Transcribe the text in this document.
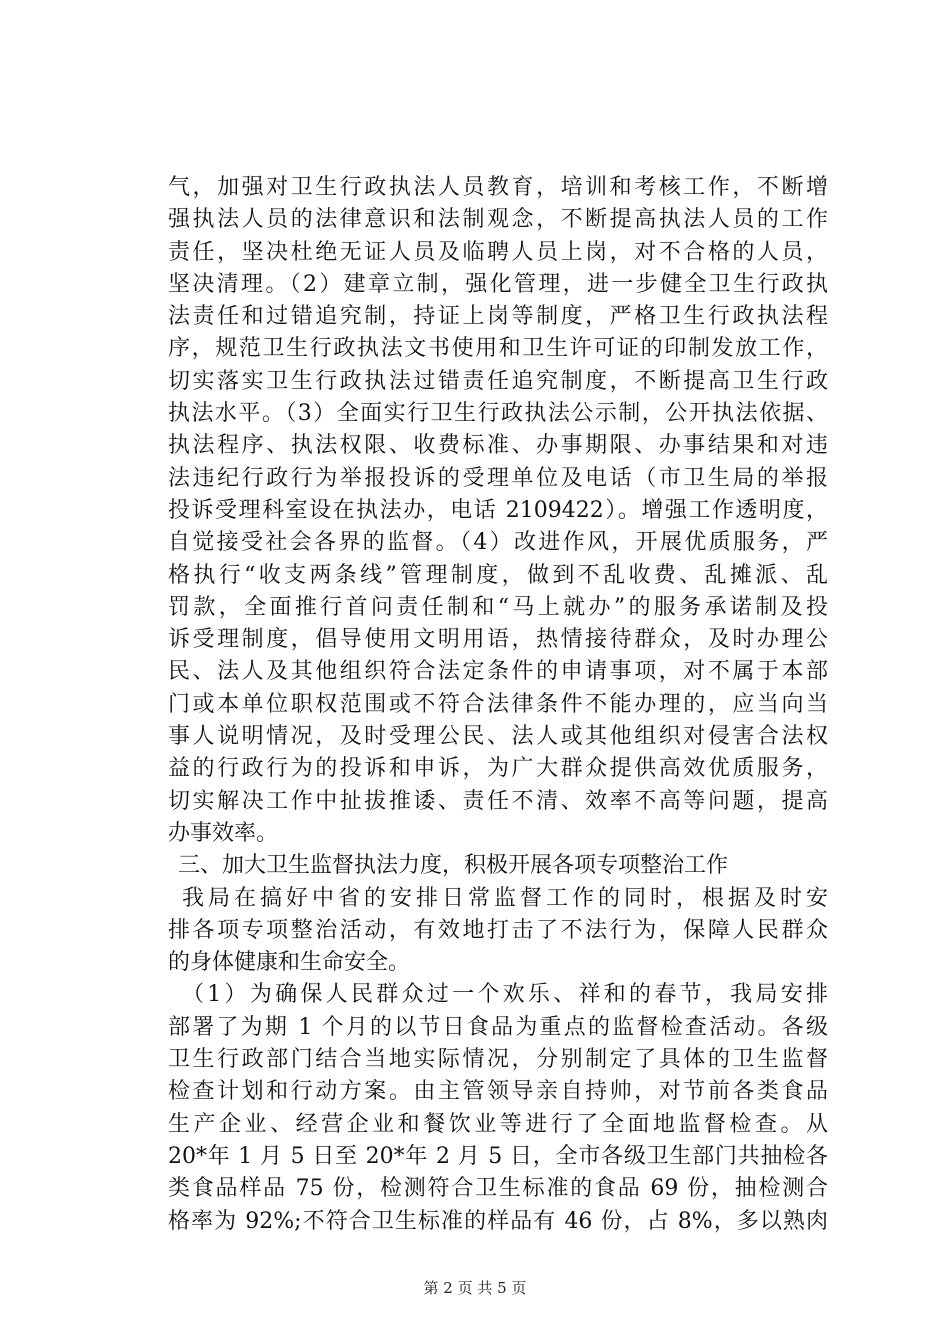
气，加强对卫生行政执法人员教育，培训和考核工作，不断增
强执法人员的法律意识和法制观念，不断提高执法人员的工作
责任，坚决杜绝无证人员及临聘人员上岗，对不合格的人员，
坚决清理。（2）建章立制，强化管理，进一步健全卫生行政执
法责任和过错追究制，持证上岗等制度，严格卫生行政执法程
序，规范卫生行政执法文书使用和卫生许可证的印制发放工作，
切实落实卫生行政执法过错责任追究制度，不断提高卫生行政
执法水平。（3）全面实行卫生行政执法公示制，公开执法依据、
执法程序、执法权限、收费标准、办事期限、办事结果和对违
法违纪行政行为举报投诉的受理单位及电话（市卫生局的举报
投诉受理科室设在执法办，电话 2109422）。增强工作透明度，
自觉接受社会各界的监督。（4）改进作风，开展优质服务，严
格执行“收支两条线”管理制度，做到不乱收费、乱摊派、乱
罚款，全面推行首问责任制和“马上就办”的服务承诺制及投
诉受理制度，倡导使用文明用语，热情接待群众，及时办理公
民、法人及其他组织符合法定条件的申请事项，对不属于本部
门或本单位职权范围或不符合法律条件不能办理的，应当向当
事人说明情况，及时受理公民、法人或其他组织对侵害合法权
益的行政行为的投诉和申诉，为广大群众提供高效优质服务，
切实解决工作中扯拔推诿、责任不清、效率不高等问题，提高
办事效率。
三、加大卫生监督执法力度，积极开展各项专项整治工作
我局在搞好中省的安排日常监督工作的同时，根据及时安
排各项专项整治活动，有效地打击了不法行为，保障人民群众
的身体健康和生命安全。
（1）为确保人民群众过一个欢乐、祥和的春节，我局安排
部署了为期 1 个月的以节日食品为重点的监督检查活动。各级
卫生行政部门结合当地实际情况，分别制定了具体的卫生监督
检查计划和行动方案。由主管领导亲自持帅，对节前各类食品
生产企业、经营企业和餐饮业等进行了全面地监督检查。从
20*年 1 月 5 日至 20*年 2 月 5 日，全市各级卫生部门共抽检各
类食品样品 75 份，检测符合卫生标准的食品 69 份，抽检测合
格率为 92%;不符合卫生标准的样品有 46 份，占 8%，多以熟肉
第 2 页 共 5 页
